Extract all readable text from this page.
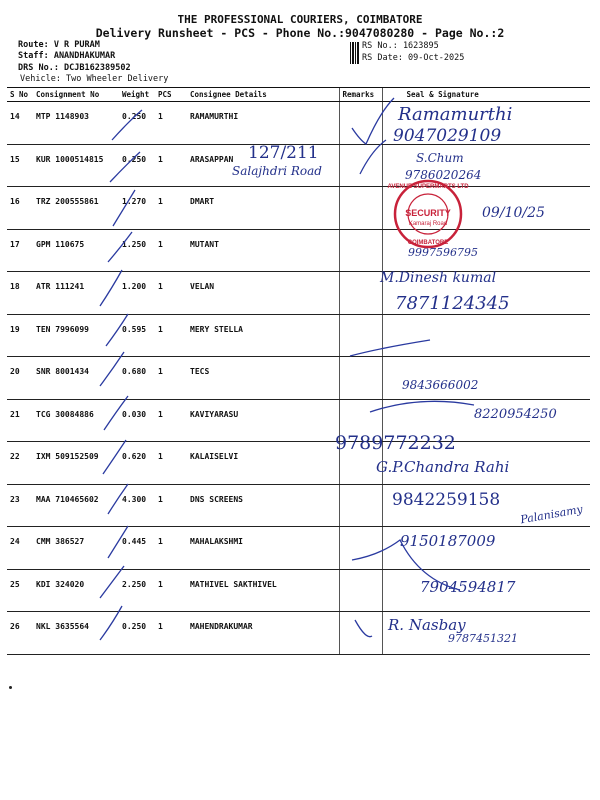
THE PROFESSIONAL COURIERS, COIMBATORE
Delivery Runsheet - PCS - Phone No.:9047080280 - Page No.:2
Route: V R PURAM
Staff: ANANDHAKUMAR
DRS No.: DCJB162389502
Vehicle: Two Wheeler Delivery
RS No.: 1623895
RS Date: 09-Oct-2025
S No	Consignment No	Weight	PCS	Consignee Details	Remarks	Seal & Signature
14	MTP 1148903	0.250	1	RAMAMURTHI		
15	KUR 1000514815	0.250	1	ARASAPPAN		
16	TRZ 200555861	1.270	1	DMART		
17	GPM 110675	1.250	1	MUTANT		
18	ATR 111241	1.200	1	VELAN		
19	TEN 7996099	0.595	1	MERY STELLA		
20	SNR 8001434	0.680	1	TECS		
21	TCG 30084886	0.030	1	KAVIYARASU		
22	IXM 509152509	0.620	1	KALAISELVI		
23	MAA 710465602	4.300	1	DNS SCREENS		
24	CMM 386527	0.445	1	MAHALAKSHMI		
25	KDI 324020	2.250	1	MATHIVEL SAKTHIVEL		
26	NKL 3635564	0.250	1	MAHENDRAKUMAR		
Ramamurthi
9047029109
127/211
Salajhdri Road
S.Chum
9786020264
09/10/25
9997596795
M.Dinesh kumal
7871124345
9843666002
8220954250
9789772232
G.P.Chandra Rahi
9842259158
Palanisamy
9150187009
7904594817
R. Nasbay
9787451321
AVENUE SUPERMARTS LTD
SECURITY
Kamaraj Road
COIMBATORE
